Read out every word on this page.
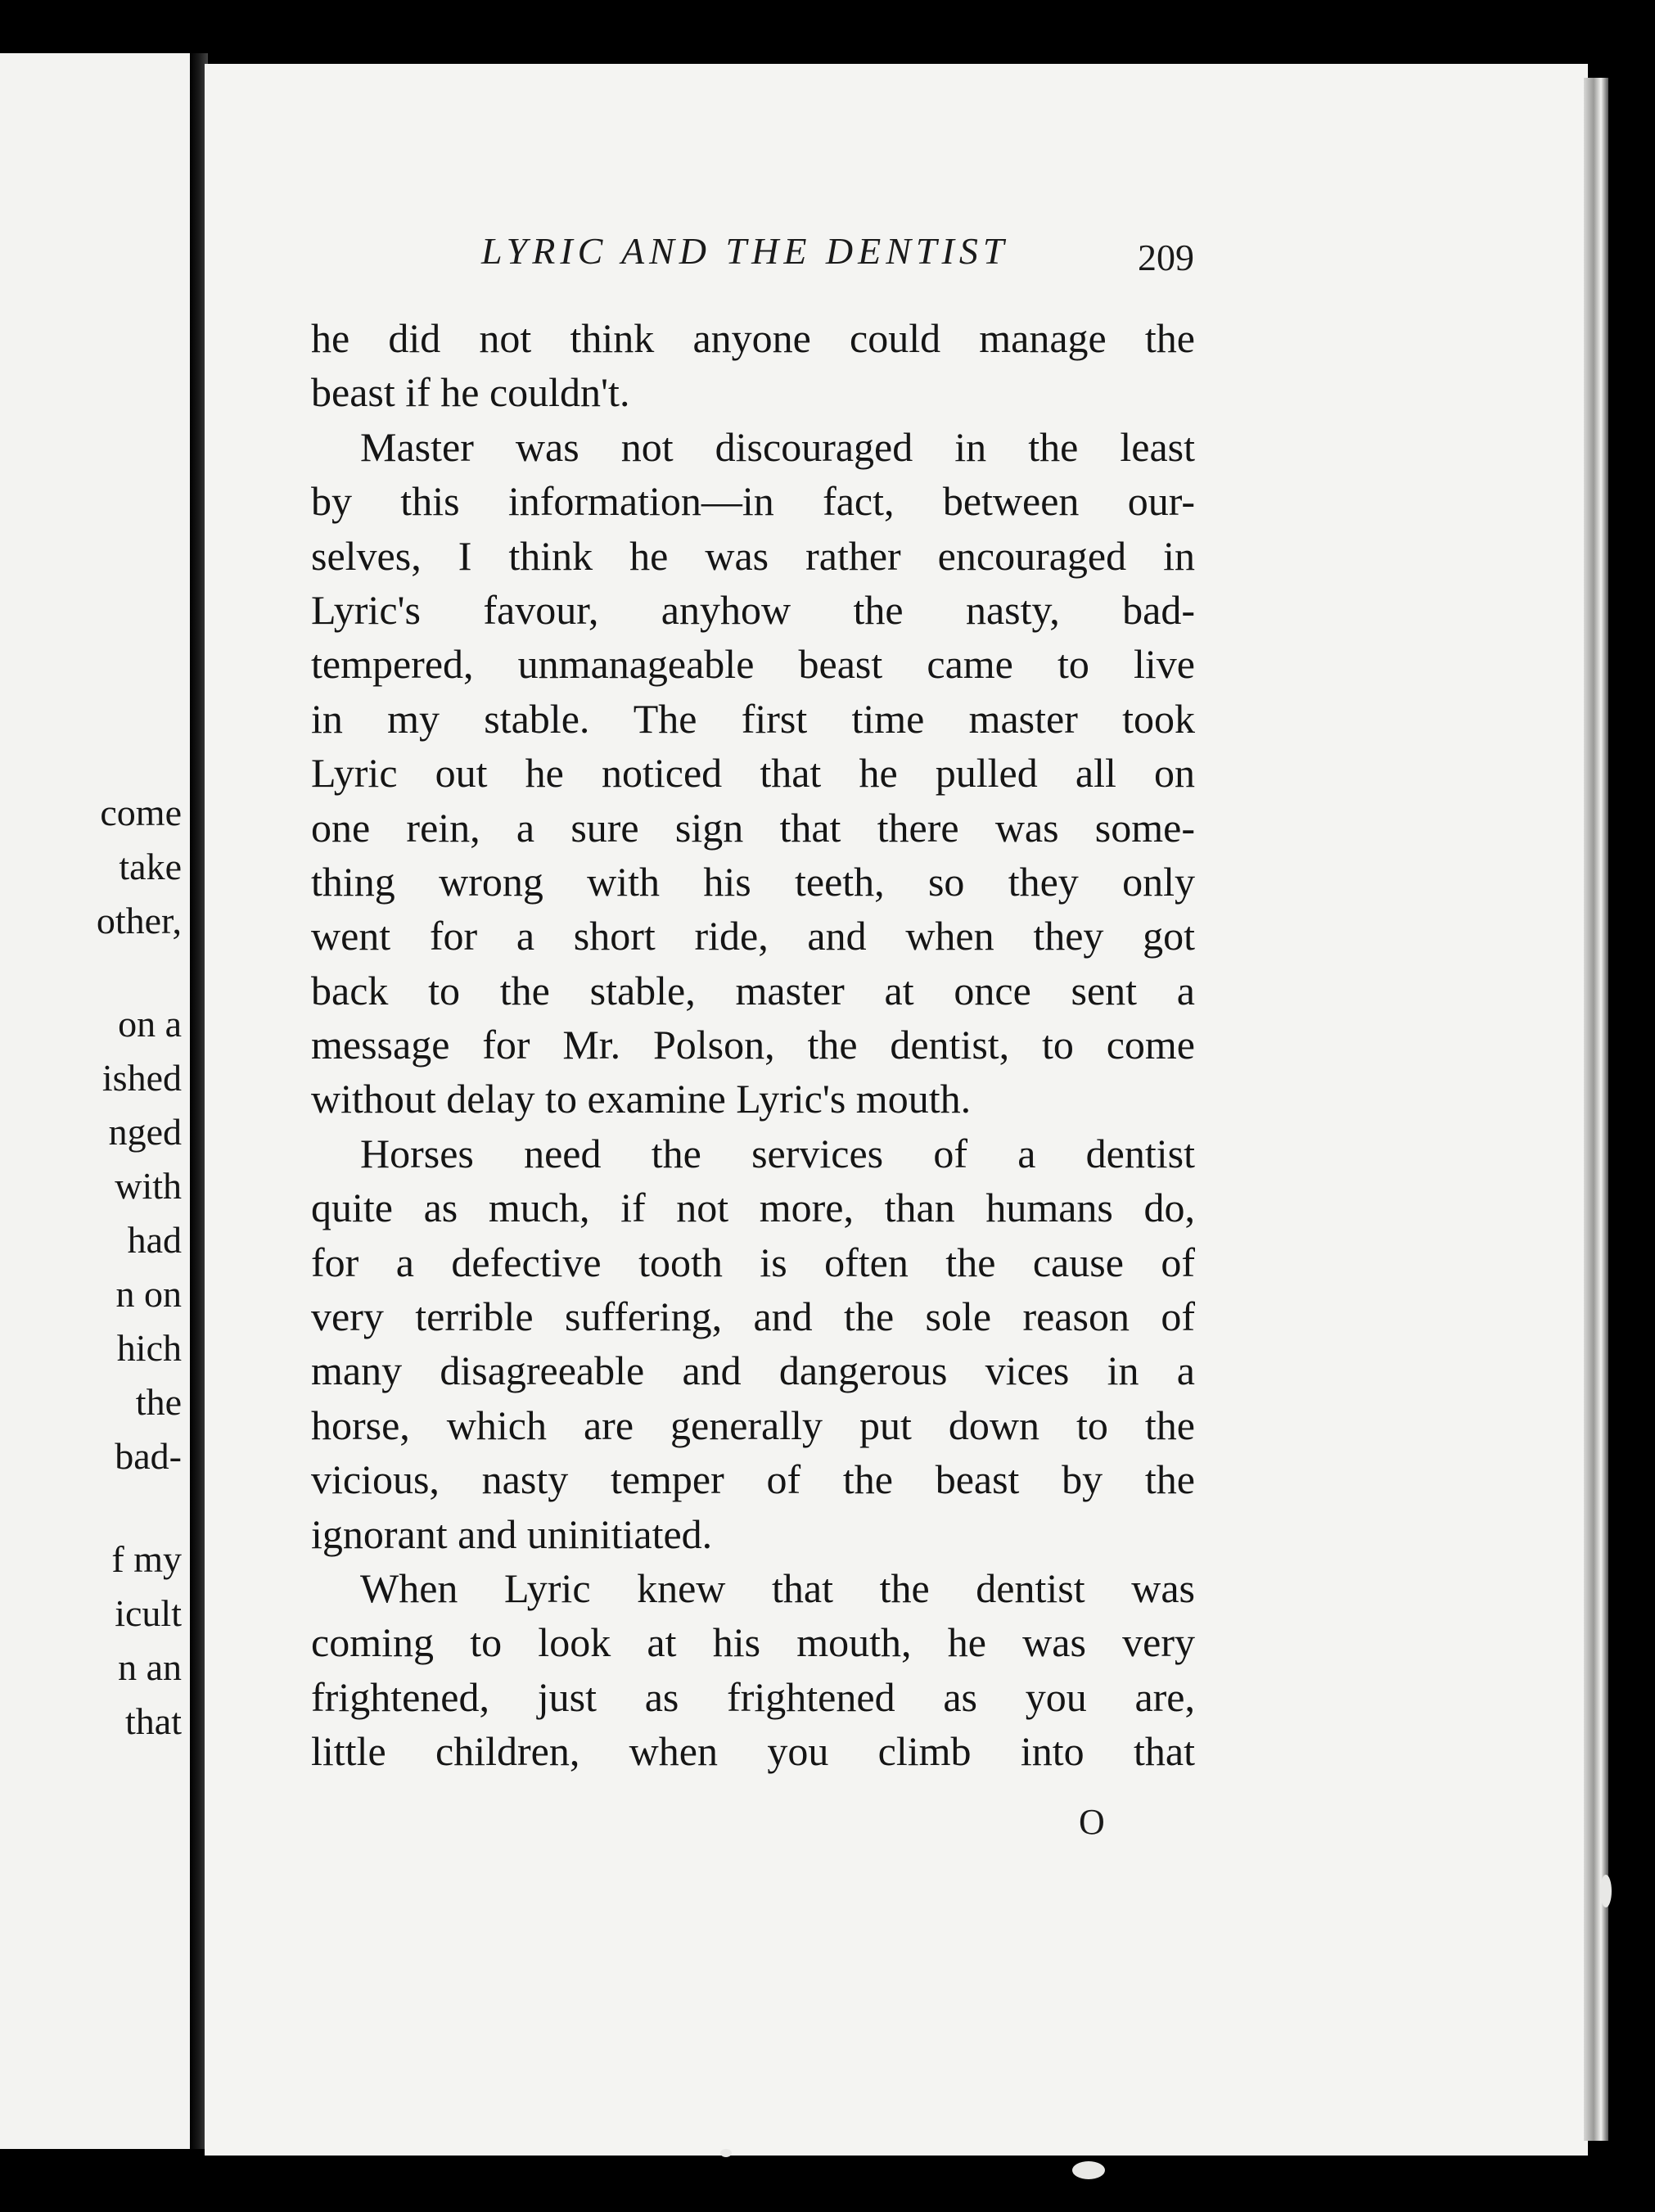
come
take
other,
on a
ished
nged
with
had
n on
hich
the
bad-
f my
icult
n an
that
LYRIC AND THE DENTIST	209
he did not think anyone could manage the
beast if he couldn't.
Master was not discouraged in the least
by this information—in fact, between our-
selves, I think he was rather encouraged in
Lyric's favour, anyhow the nasty, bad-
tempered, unmanageable beast came to live
in my stable. The first time master took
Lyric out he noticed that he pulled all on
one rein, a sure sign that there was some-
thing wrong with his teeth, so they only
went for a short ride, and when they got
back to the stable, master at once sent a
message for Mr. Polson, the dentist, to come
without delay to examine Lyric's mouth.
Horses need the services of a dentist
quite as much, if not more, than humans do,
for a defective tooth is often the cause of
very terrible suffering, and the sole reason of
many disagreeable and dangerous vices in a
horse, which are generally put down to the
vicious, nasty temper of the beast by the
ignorant and uninitiated.
When Lyric knew that the dentist was
coming to look at his mouth, he was very
frightened, just as frightened as you are,
little children, when you climb into that
O
